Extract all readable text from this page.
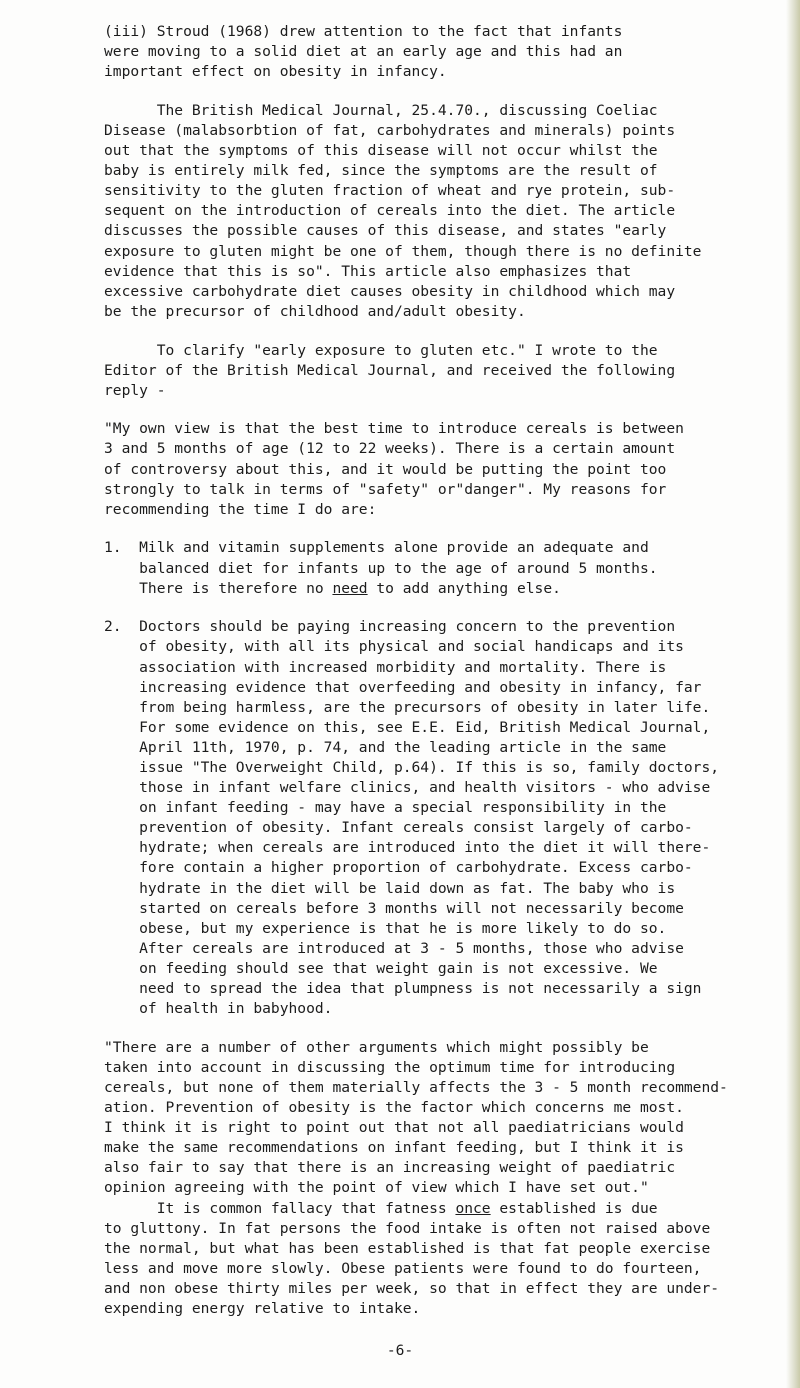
(iii) Stroud (1968) drew attention to the fact that infants
were moving to a solid diet at an early age and this had an
important effect on obesity in infancy.
The British Medical Journal, 25.4.70., discussing Coeliac
Disease (malabsorbtion of fat, carbohydrates and minerals) points
out that the symptoms of this disease will not occur whilst the
baby is entirely milk fed, since the symptoms are the result of
sensitivity to the gluten fraction of wheat and rye protein, sub-
sequent on the introduction of cereals into the diet. The article
discusses the possible causes of this disease, and states "early
exposure to gluten might be one of them, though there is no definite
evidence that this is so". This article also emphasizes that
excessive carbohydrate diet causes obesity in childhood which may
be the precursor of childhood and/adult obesity.
To clarify "early exposure to gluten etc." I wrote to the
Editor of the British Medical Journal, and received the following
reply -
"My own view is that the best time to introduce cereals is between
3 and 5 months of age (12 to 22 weeks). There is a certain amount
of controversy about this, and it would be putting the point too
strongly to talk in terms of "safety" or"danger". My reasons for
recommending the time I do are:
1.  Milk and vitamin supplements alone provide an adequate and
balanced diet for infants up to the age of around 5 months.
There is therefore no need to add anything else.
2.  Doctors should be paying increasing concern to the prevention
of obesity, with all its physical and social handicaps and its
association with increased morbidity and mortality. There is
increasing evidence that overfeeding and obesity in infancy, far
from being harmless, are the precursors of obesity in later life.
For some evidence on this, see E.E. Eid, British Medical Journal,
April 11th, 1970, p. 74, and the leading article in the same
issue "The Overweight Child, p.64). If this is so, family doctors,
those in infant welfare clinics, and health visitors - who advise
on infant feeding - may have a special responsibility in the
prevention of obesity. Infant cereals consist largely of carbo-
hydrate; when cereals are introduced into the diet it will there-
fore contain a higher proportion of carbohydrate. Excess carbo-
hydrate in the diet will be laid down as fat. The baby who is
started on cereals before 3 months will not necessarily become
obese, but my experience is that he is more likely to do so.
After cereals are introduced at 3 - 5 months, those who advise
on feeding should see that weight gain is not excessive. We
need to spread the idea that plumpness is not necessarily a sign
of health in babyhood.
"There are a number of other arguments which might possibly be
taken into account in discussing the optimum time for introducing
cereals, but none of them materially affects the 3 - 5 month recommend-
ation. Prevention of obesity is the factor which concerns me most.
I think it is right to point out that not all paediatricians would
make the same recommendations on infant feeding, but I think it is
also fair to say that there is an increasing weight of paediatric
opinion agreeing with the point of view which I have set out."
It is common fallacy that fatness once established is due
to gluttony. In fat persons the food intake is often not raised above
the normal, but what has been established is that fat people exercise
less and move more slowly. Obese patients were found to do fourteen,
and non obese thirty miles per week, so that in effect they are under-
expending energy relative to intake.
-6-
